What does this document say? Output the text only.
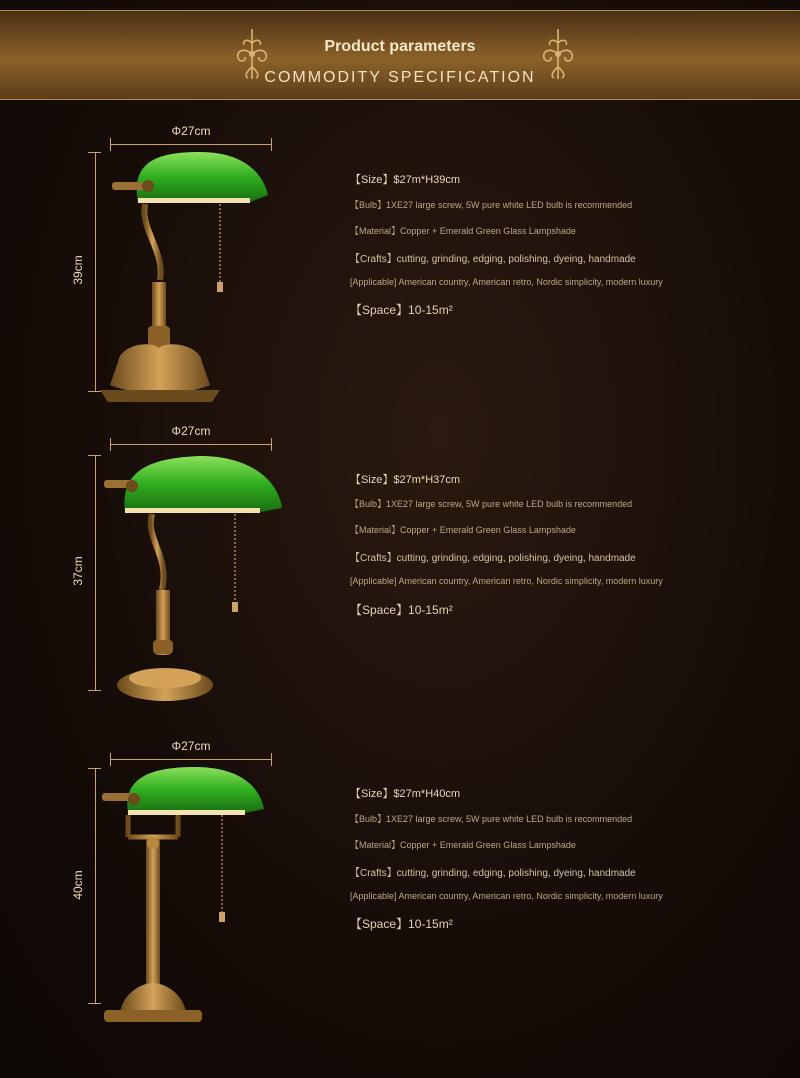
Product parameters
COMMODITY SPECIFICATION
Φ27cm
39cm
【Size】$27m*H39cm
【Bulb】1XE27 large screw, 5W pure white LED bulb is recommended
【Material】Copper + Emerald Green Glass Lampshade
【Crafts】cutting, grinding, edging, polishing, dyeing, handmade
[Applicable] American country, American retro, Nordic simplicity, modern luxury
【Space】10-15m²
Φ27cm
37cm
【Size】$27m*H37cm
【Bulb】1XE27 large screw, 5W pure white LED bulb is recommended
【Material】Copper + Emerald Green Glass Lampshade
【Crafts】cutting, grinding, edging, polishing, dyeing, handmade
[Applicable] American country, American retro, Nordic simplicity, modern luxury
【Space】10-15m²
Φ27cm
40cm
【Size】$27m*H40cm
【Bulb】1XE27 large screw, 5W pure white LED bulb is recommended
【Material】Copper + Emerald Green Glass Lampshade
【Crafts】cutting, grinding, edging, polishing, dyeing, handmade
[Applicable] American country, American retro, Nordic simplicity, modern luxury
【Space】10-15m²
